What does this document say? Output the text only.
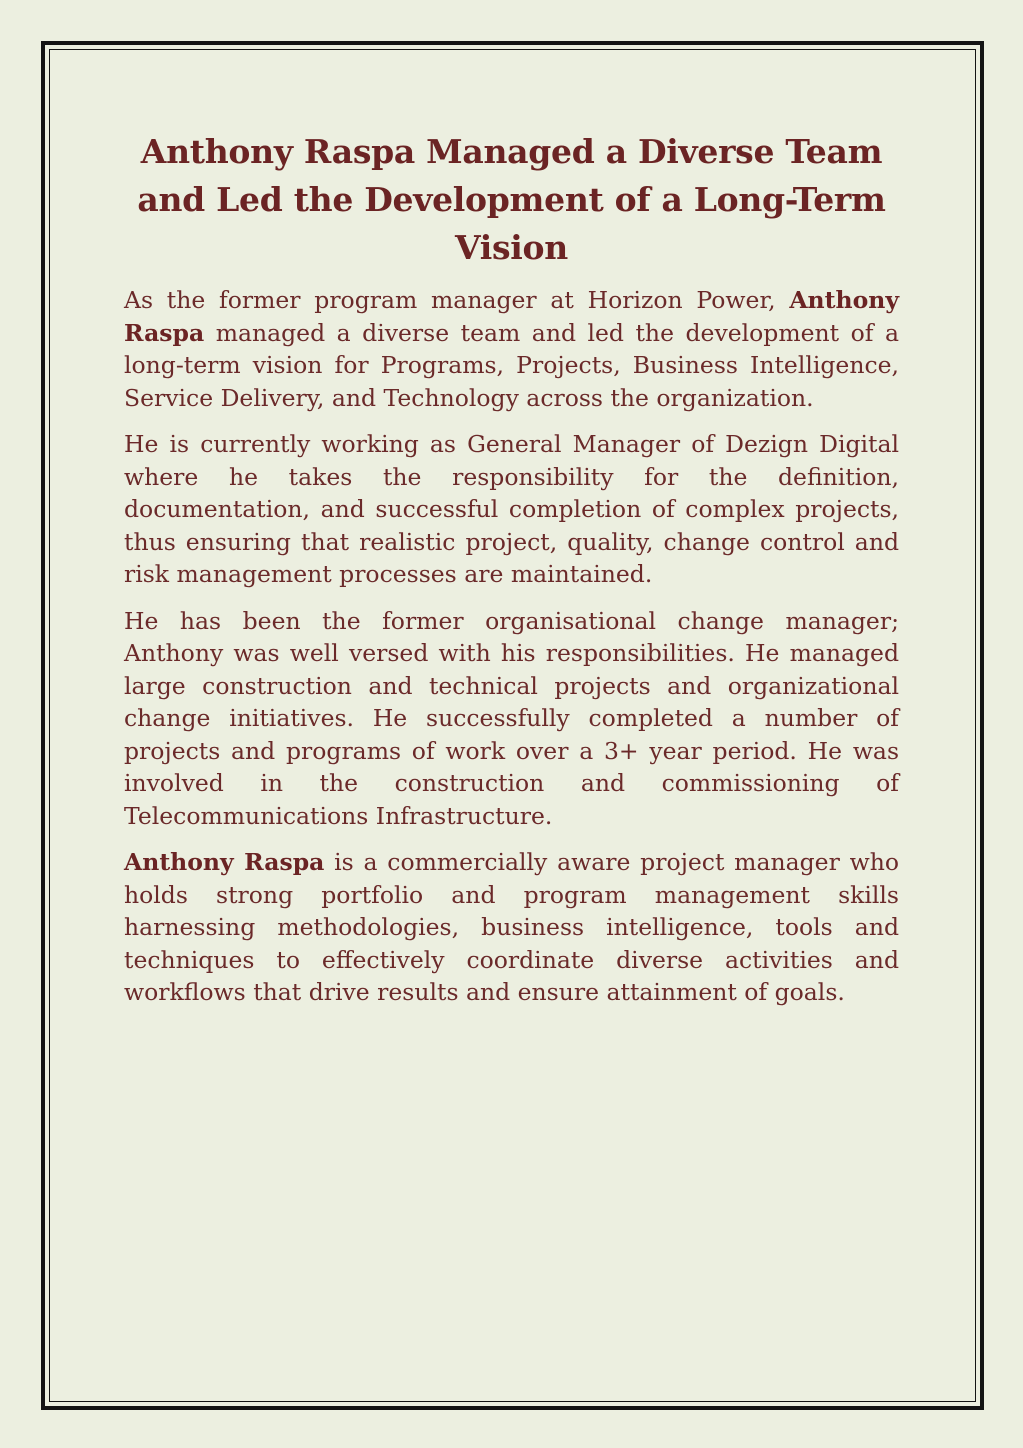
Anthony Raspa Managed a Diverse Team and Led the Development of a Long-Term Vision

As the former program manager at Horizon Power, Anthony Raspa managed a diverse team and led the development of a long-term vision for Programs, Projects, Business Intelligence, Service Delivery, and Technology across the organization.

He is currently working as General Manager of Dezign Digital where he takes the responsibility for the definition, documentation, and successful completion of complex projects, thus ensuring that realistic project, quality, change control and risk management processes are maintained.

He has been the former organisational change manager; Anthony was well versed with his responsibilities. He managed large construction and technical projects and organizational change initiatives. He successfully completed a number of projects and programs of work over a 3+ year period. He was involved in the construction and commissioning of Telecommunications Infrastructure.

Anthony Raspa is a commercially aware project manager who holds strong portfolio and program management skills harnessing methodologies, business intelligence, tools and techniques to effectively coordinate diverse activities and workflows that drive results and ensure attainment of goals.
